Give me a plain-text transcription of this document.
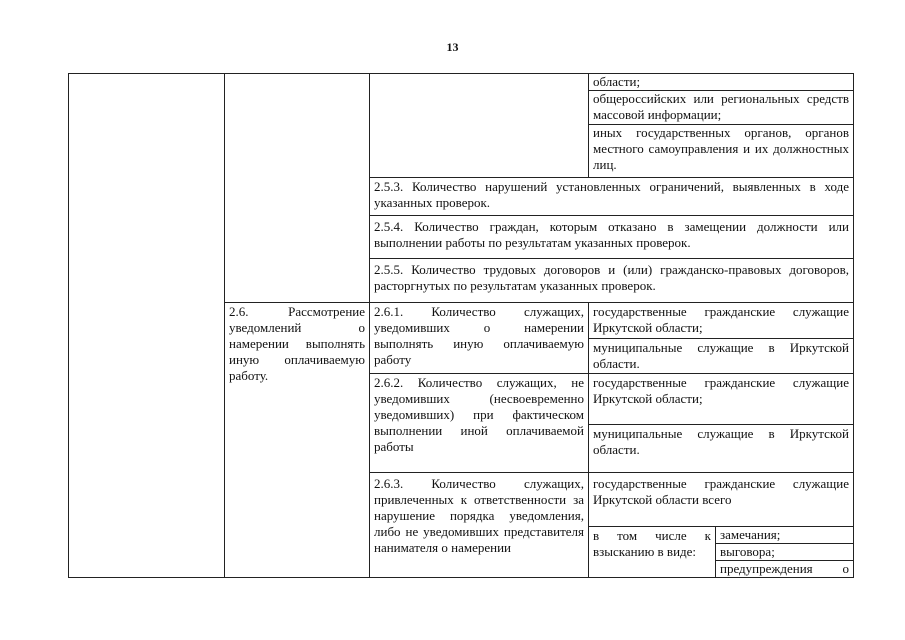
13
области;
общероссийских или региональных средств массовой информации;
иных государственных органов, органов местного самоуправления и их должностных лиц.
2.5.3. Количество нарушений установленных ограничений, выявленных в ходе указанных проверок.
2.5.4. Количество граждан, которым отказано в замещении должности или выполнении работы по результатам указанных проверок.
2.5.5. Количество трудовых договоров и (или) гражданско-правовых договоров, расторгнутых по результатам указанных проверок.
2.6. Рассмотрение уведомлений о намерении выполнять иную оплачиваемую работу.
2.6.1. Количество служащих, уведомивших о намерении выполнять иную оплачиваемую работу
государственные гражданские служащие Иркутской области;
муниципальные служащие в Иркутской области.
2.6.2. Количество служащих, не уведомивших (несвоевременно уведомивших) при фактическом выполнении иной оплачиваемой работы
государственные гражданские служащие Иркутской области;
муниципальные служащие в Иркутской области.
2.6.3. Количество служащих, привлеченных к ответственности за нарушение порядка уведомления, либо не уведомивших представителя нанимателя о намерении
государственные гражданские служащие Иркутской области всего
в том числе к взысканию в виде:
замечания;
выговора;
предупреждения о
